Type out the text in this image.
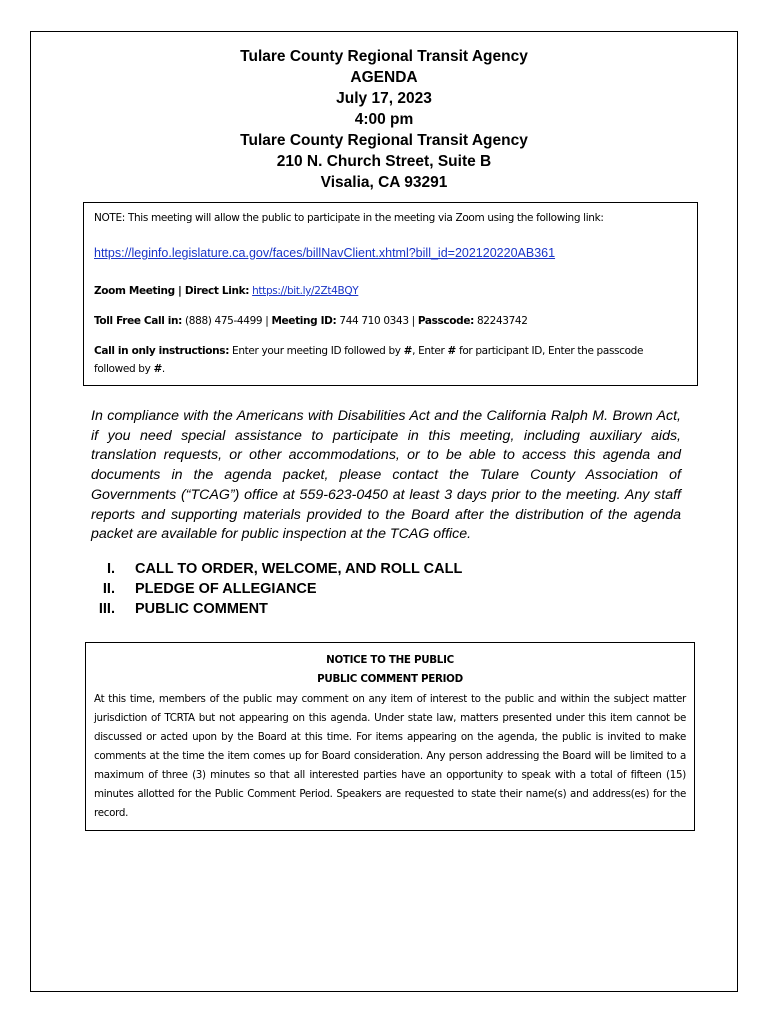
Tulare County Regional Transit Agency
AGENDA
July 17, 2023
4:00 pm
Tulare County Regional Transit Agency
210 N. Church Street, Suite B
Visalia, CA 93291

NOTE: This meeting will allow the public to participate in the meeting via Zoom using the following link:

https://leginfo.legislature.ca.gov/faces/billNavClient.xhtml?bill_id=202120220AB361

Zoom Meeting | Direct Link: https://bit.ly/2Zt4BQY

Toll Free Call in: (888) 475-4499 | Meeting ID: 744 710 0343 | Passcode: 82243742

Call in only instructions: Enter your meeting ID followed by #, Enter # for participant ID, Enter the passcode followed by #.

In compliance with the Americans with Disabilities Act and the California Ralph M. Brown Act, if you need special assistance to participate in this meeting, including auxiliary aids, translation requests, or other accommodations, or to be able to access this agenda and documents in the agenda packet, please contact the Tulare County Association of Governments (“TCAG”) office at 559-623-0450 at least 3 days prior to the meeting. Any staff reports and supporting materials provided to the Board after the distribution of the agenda packet are available for public inspection at the TCAG office.
I.	CALL TO ORDER, WELCOME, AND ROLL CALL
II.	PLEDGE OF ALLEGIANCE
III.	PUBLIC COMMENT
NOTICE TO THE PUBLIC
PUBLIC COMMENT PERIOD
At this time, members of the public may comment on any item of interest to the public and within the subject matter jurisdiction of TCRTA but not appearing on this agenda. Under state law, matters presented under this item cannot be discussed or acted upon by the Board at this time. For items appearing on the agenda, the public is invited to make comments at the time the item comes up for Board consideration. Any person addressing the Board will be limited to a maximum of three (3) minutes so that all interested parties have an opportunity to speak with a total of fifteen (15) minutes allotted for the Public Comment Period. Speakers are requested to state their name(s) and address(es) for the record.
